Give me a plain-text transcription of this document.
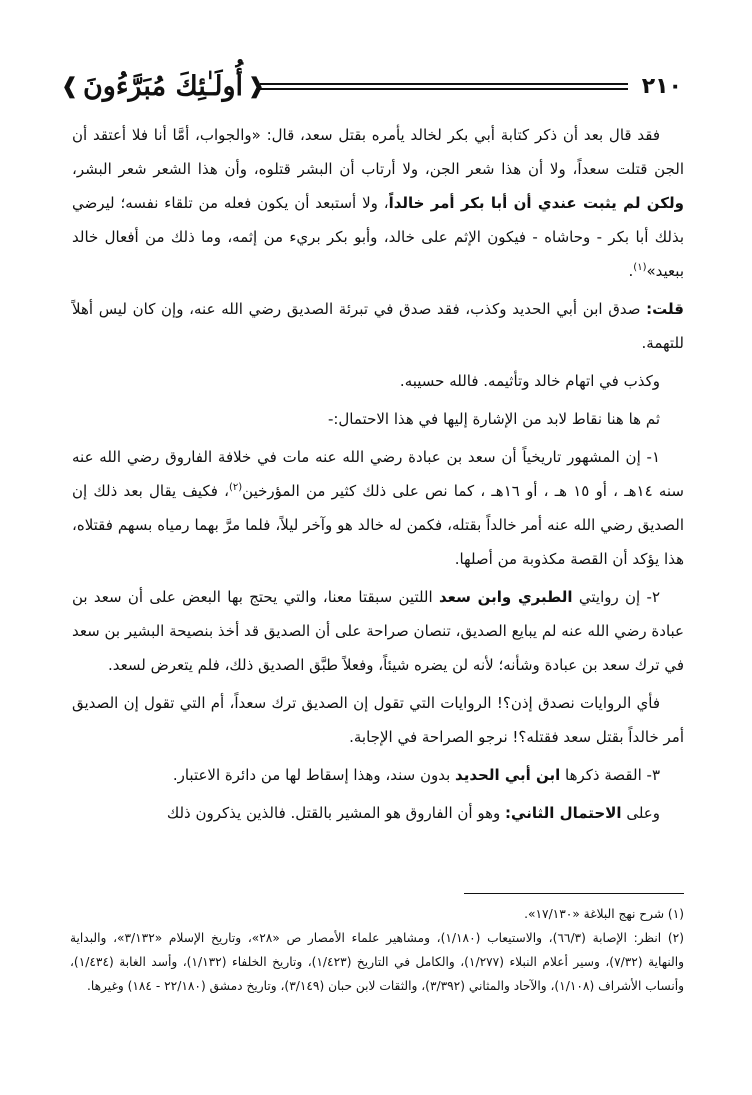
❰ أُولَـٰئِكَ مُبَرَّءُونَ ❱	٢١٠

فقد قال بعد أن ذكر كتابة أبي بكر لخالد يأمره بقتل سعد، قال: «والجواب، أمَّا أنا فلا أعتقد أن الجن قتلت سعداً، ولا أن هذا شعر الجن، ولا أرتاب أن البشر قتلوه، وأن هذا الشعر شعر البشر، ولكن لم يثبت عندي أن أبا بكر أمر خالداً، ولا أستبعد أن يكون فعله من تلقاء نفسه؛ ليرضي بذلك أبا بكر - وحاشاه - فيكون الإثم على خالد، وأبو بكر بريء من إثمه، وما ذلك من أفعال خالد ببعيد»$^{(١)}$.

قلت: صدق ابن أبي الحديد وكذب، فقد صدق في تبرئة الصديق رضي الله عنه، وإن كان ليس أهلاً للتهمة.

وكذب في اتهام خالد وتأثيمه. فالله حسيبه.

ثم ها هنا نقاط لابد من الإشارة إليها في هذا الاحتمال:-

١- إن المشهور تاريخياً أن سعد بن عبادة رضي الله عنه مات في خلافة الفاروق رضي الله عنه سنه ١٤هـ ، أو ١٥ هـ ، أو ١٦هـ ، كما نص على ذلك كثير من المؤرخين$^{(٢)}$، فكيف يقال بعد ذلك إن الصديق رضي الله عنه أمر خالداً بقتله، فكمن له خالد هو وآخر ليلاً، فلما مرَّ بهما رمياه بسهم فقتلاه، هذا يؤكد أن القصة مكذوبة من أصلها.

٢- إن روايتي الطبري وابن سعد اللتين سبقتا معنا، والتي يحتج بها البعض على أن سعد بن عبادة رضي الله عنه لم يبايع الصديق، تنصان صراحة على أن الصديق قد أخذ بنصيحة البشير بن سعد في ترك سعد بن عبادة وشأنه؛ لأنه لن يضره شيئاً، وفعلاً طبَّق الصديق ذلك، فلم يتعرض لسعد.

فأي الروايات نصدق إذن؟! الروايات التي تقول إن الصديق ترك سعداً، أم التي تقول إن الصديق أمر خالداً بقتل سعد فقتله؟! نرجو الصراحة في الإجابة.

٣- القصة ذكرها ابن أبي الحديد بدون سند، وهذا إسقاط لها من دائرة الاعتبار.

وعلى الاحتمال الثاني: وهو أن الفاروق هو المشير بالقتل. فالذين يذكرون ذلك

(١) شرح نهج البلاغة «١٧/١٣٠».

(٢) انظر: الإصابة (٦٦/٣)، والاستيعاب (١/١٨٠)، ومشاهير علماء الأمصار ص «٢٨»، وتاريخ الإسلام «٣/١٣٢»، والبداية والنهاية (٧/٣٢)، وسير أعلام النبلاء (١/٢٧٧)، والكامل في التاريخ (١/٤٢٣)، وتاريخ الخلفاء (١/١٣٢)، وأسد الغابة (١/٤٣٤)، وأنساب الأشراف (١/١٠٨)، والآحاد والمثاني (٣/٣٩٢)، والثقات لابن حبان (٣/١٤٩)، وتاريخ دمشق (٢٢/١٨٠ - ١٨٤) وغيرها.
